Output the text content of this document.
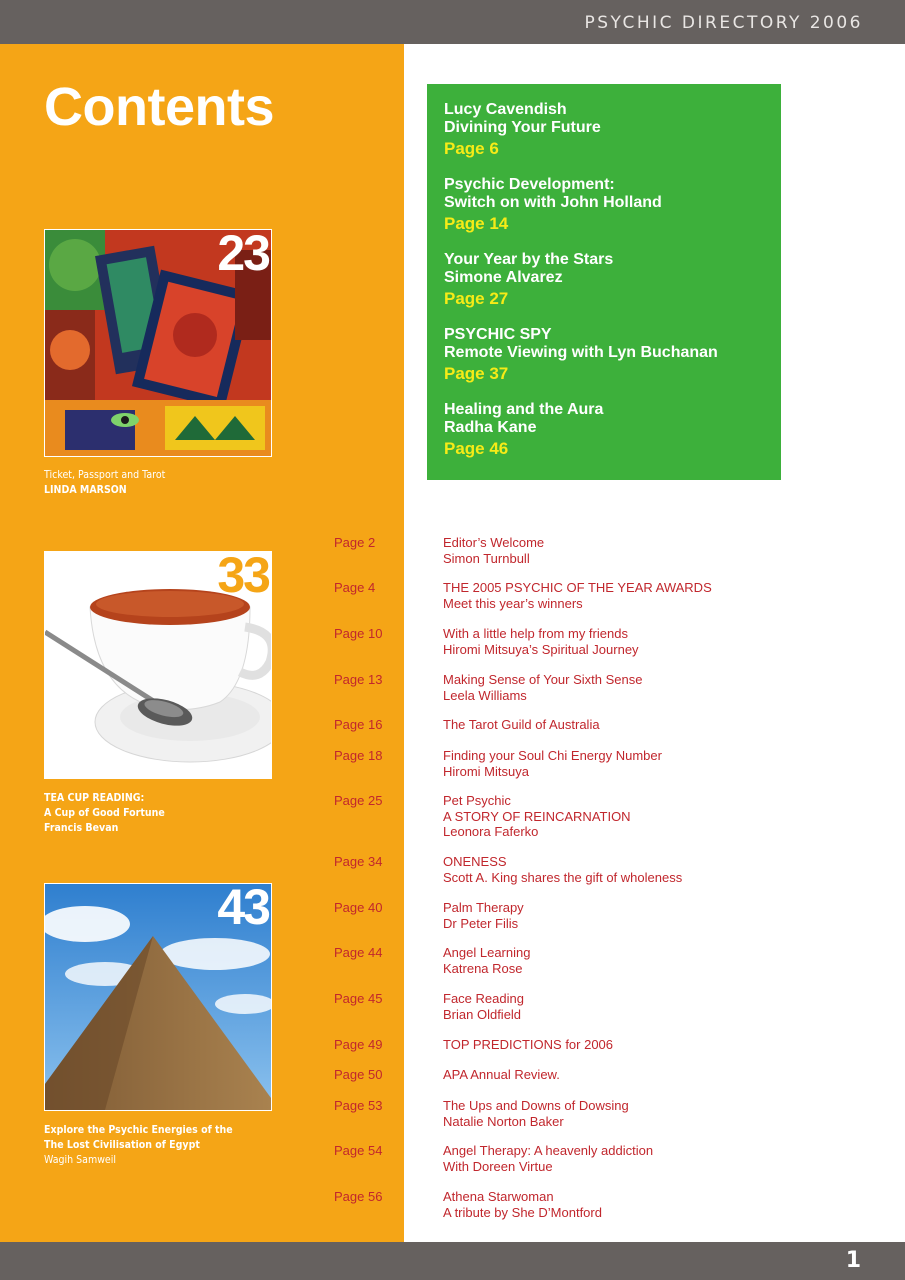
PSYCHIC DIRECTORY 2006
Contents
23
Ticket, Passport and Tarot
LINDA MARSON
33
TEA CUP READING:
A Cup of Good Fortune
Francis Bevan
43
Explore the Psychic Energies of the
The Lost Civilisation of Egypt
Wagih Samweil
Lucy Cavendish
Divining Your Future
Page 6
Psychic Development:
Switch on with John Holland
Page 14
Your Year by the Stars
Simone Alvarez
Page 27
PSYCHIC SPY
Remote Viewing with Lyn Buchanan
Page 37
Healing and the Aura
Radha Kane
Page 46
Page 2	Editor’s Welcome
Simon Turnbull
Page 4	THE 2005 PSYCHIC OF THE YEAR AWARDS
Meet this year’s winners
Page 10	With a little help from my friends
Hiromi Mitsuya’s Spiritual Journey
Page 13	Making Sense of Your Sixth Sense
Leela Williams
Page 16	The Tarot Guild of Australia
Page 18	Finding your Soul Chi Energy Number
Hiromi Mitsuya
Page 25	Pet Psychic
A STORY OF REINCARNATION
Leonora Faferko
Page 34	ONENESS
Scott A. King shares the gift of wholeness
Page 40	Palm Therapy
Dr Peter Filis
Page 44	Angel Learning
Katrena Rose
Page 45	Face Reading
Brian Oldfield
Page 49	TOP PREDICTIONS for 2006
Page 50	APA Annual Review.
Page 53	The Ups and Downs of Dowsing
Natalie Norton Baker
Page 54	Angel Therapy: A heavenly addiction
With Doreen Virtue
Page 56	Athena Starwoman
A tribute by She D’Montford
1
